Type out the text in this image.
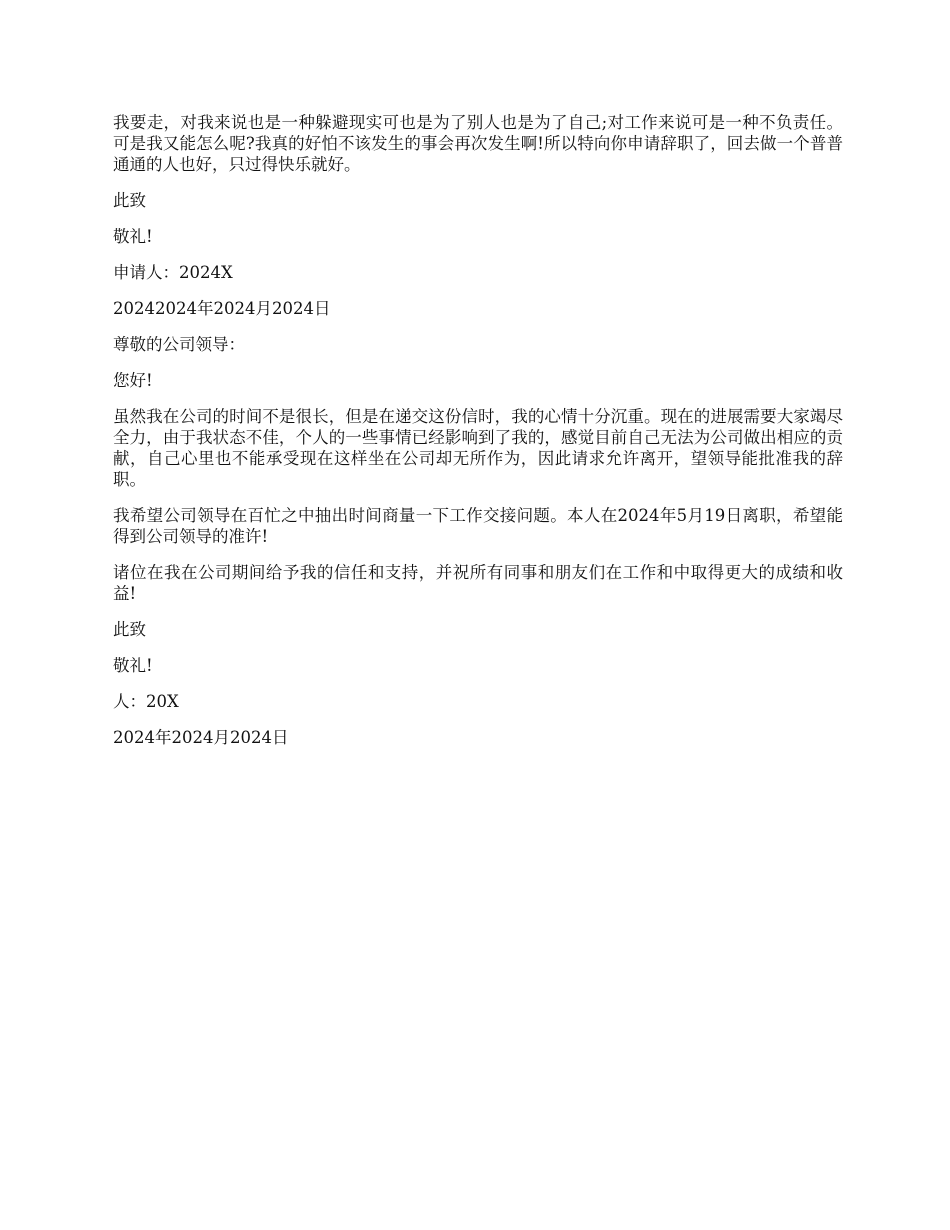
我要走，对我来说也是一种躲避现实可也是为了别人也是为了自己;对工作来说可是一种不负责任。可是我又能怎么呢?我真的好怕不该发生的事会再次发生啊!所以特向你申请辞职了，回去做一个普普通通的人也好，只过得快乐就好。

此致

敬礼!

申请人：2024X

20242024年2024月2024日

尊敬的公司领导：

您好!

虽然我在公司的时间不是很长，但是在递交这份信时，我的心情十分沉重。现在的进展需要大家竭尽全力，由于我状态不佳，个人的一些事情已经影响到了我的，感觉目前自己无法为公司做出相应的贡献，自己心里也不能承受现在这样坐在公司却无所作为，因此请求允许离开，望领导能批准我的辞职。

我希望公司领导在百忙之中抽出时间商量一下工作交接问题。本人在2024年5月19日离职，希望能得到公司领导的准许!

诸位在我在公司期间给予我的信任和支持，并祝所有同事和朋友们在工作和中取得更大的成绩和收益!

此致

敬礼!

人：20X

2024年2024月2024日
